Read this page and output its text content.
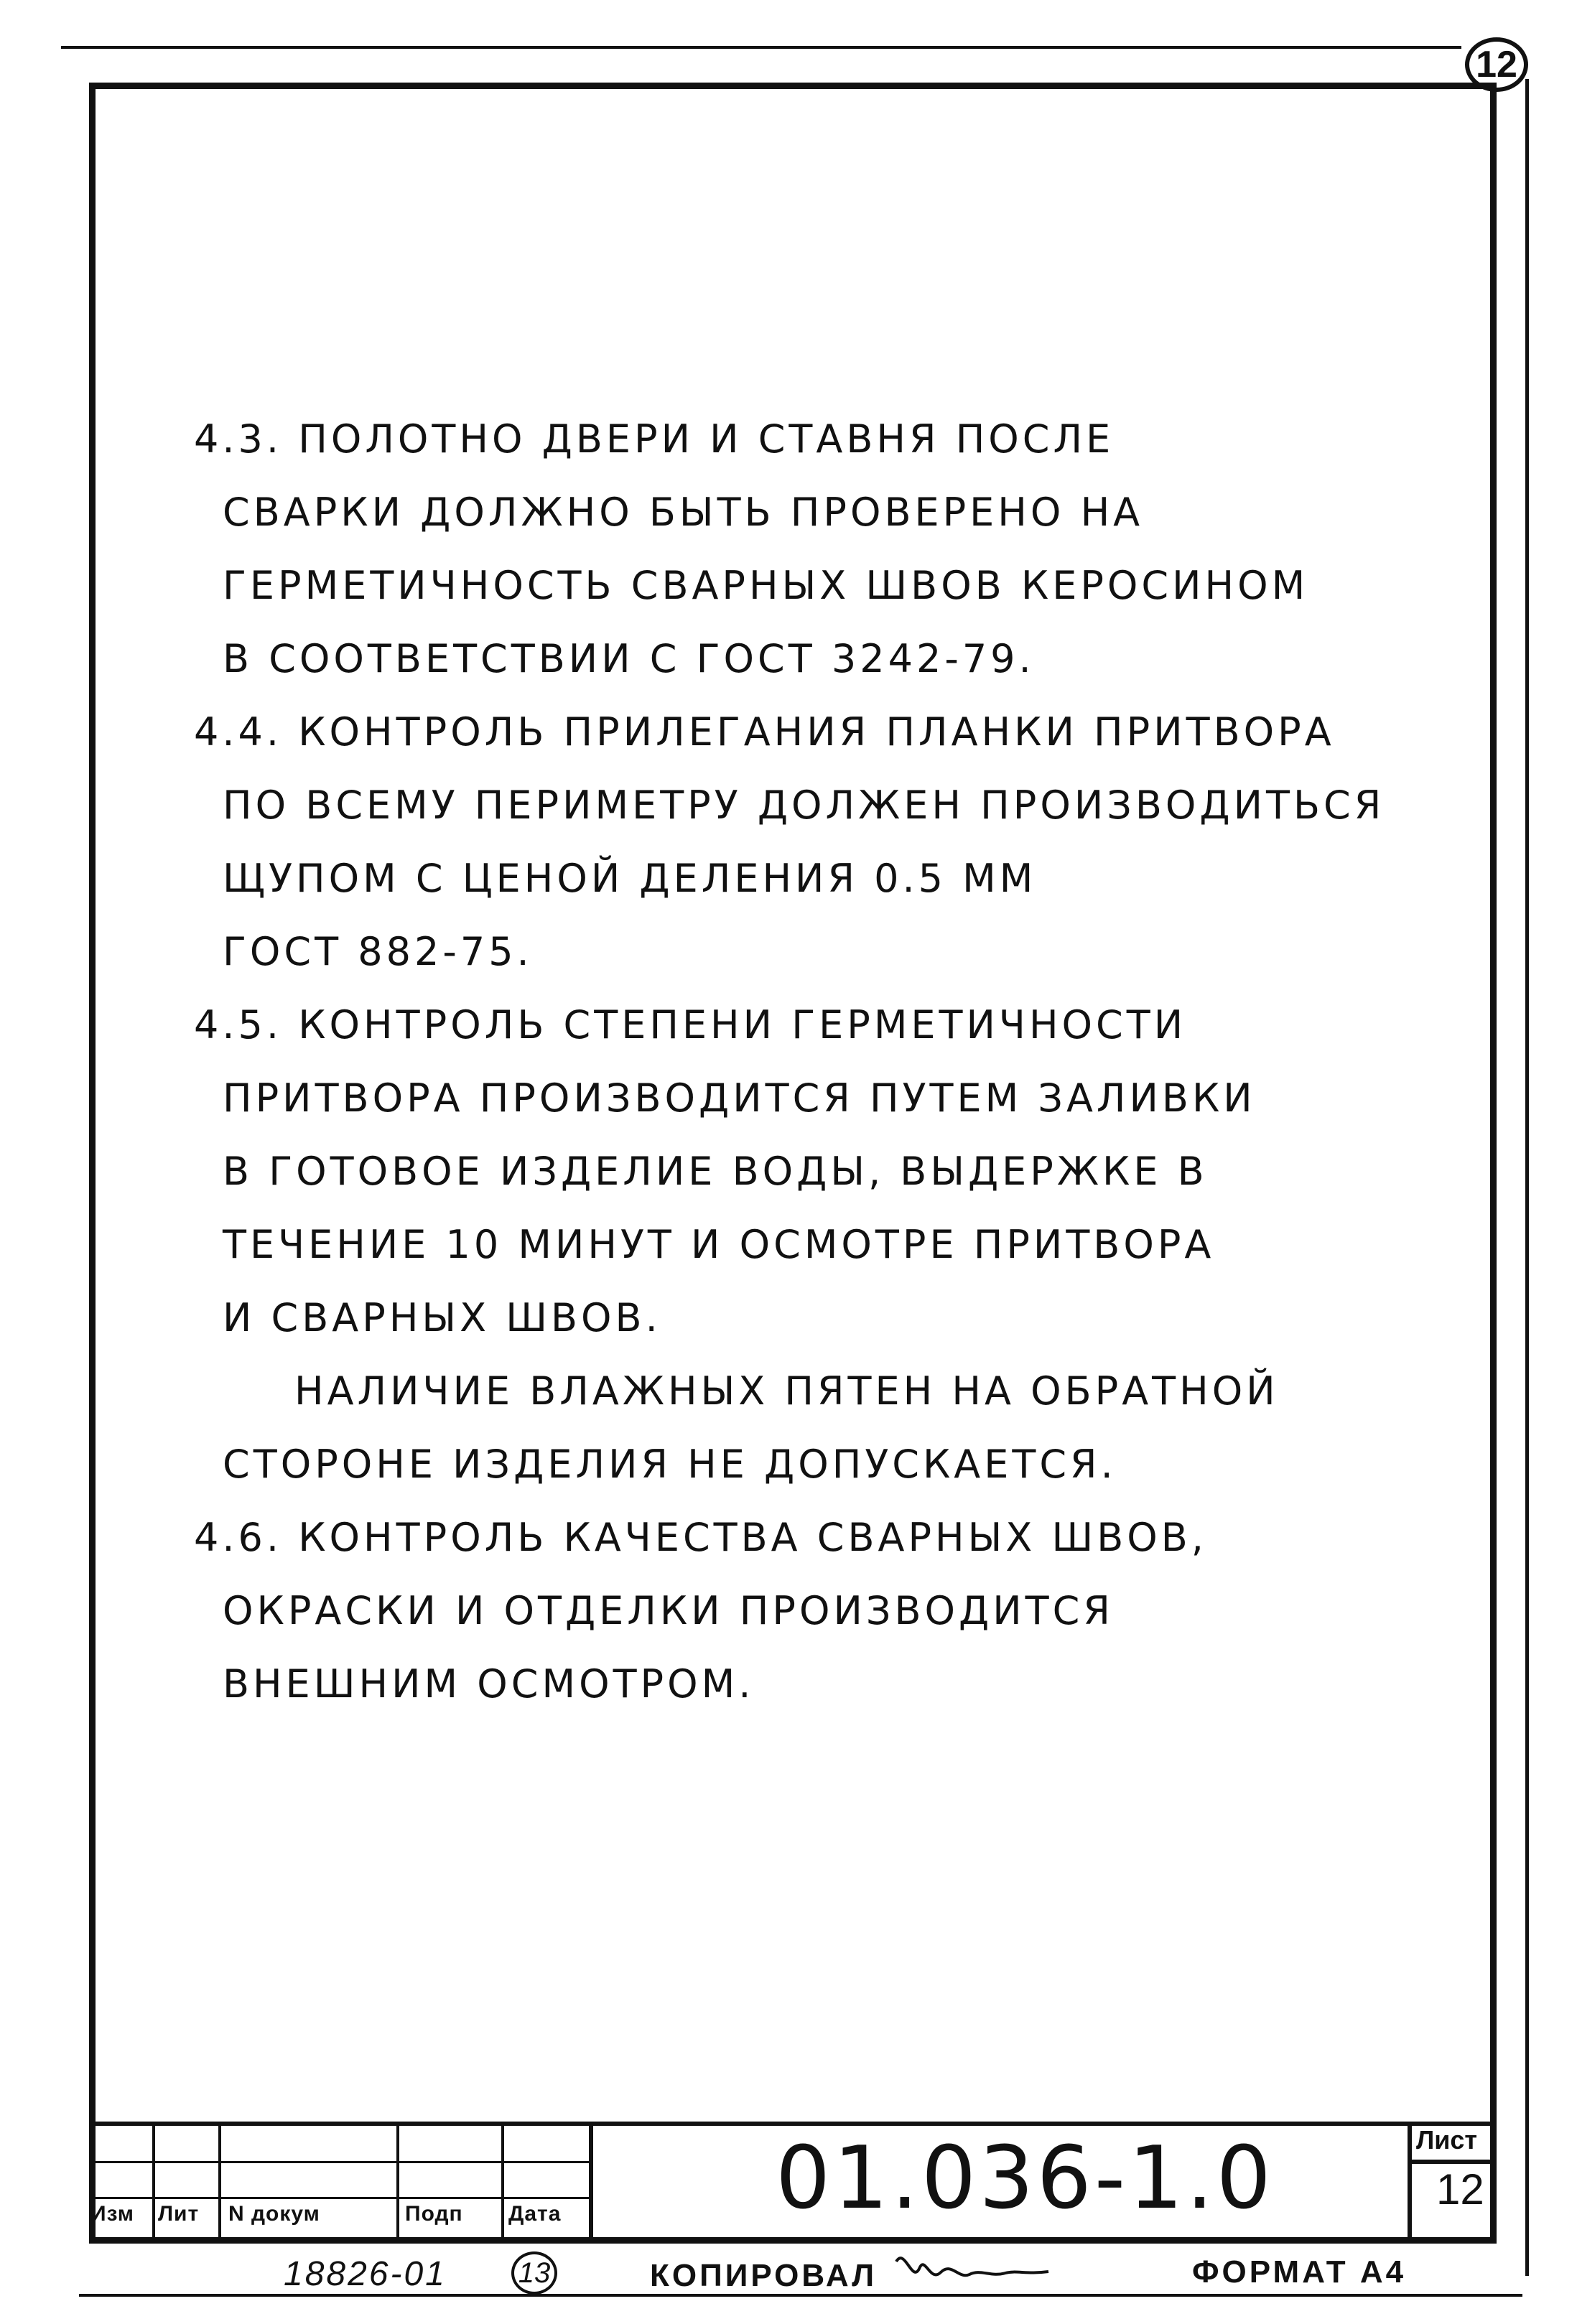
12
4.3. ПОЛОТНО ДВЕРИ И СТАВНЯ ПОСЛЕ
СВАРКИ ДОЛЖНО БЫТЬ ПРОВЕРЕНО НА
ГЕРМЕТИЧНОСТЬ СВАРНЫХ ШВОВ КЕРОСИНОМ
В СООТВЕТСТВИИ С ГОСТ 3242-79.
4.4. КОНТРОЛЬ ПРИЛЕГАНИЯ ПЛАНКИ ПРИТВОРА
ПО ВСЕМУ ПЕРИМЕТРУ ДОЛЖЕН ПРОИЗВОДИТЬСЯ
ЩУПОМ С ЦЕНОЙ ДЕЛЕНИЯ 0.5 ММ
ГОСТ 882-75.
4.5. КОНТРОЛЬ СТЕПЕНИ ГЕРМЕТИЧНОСТИ
ПРИТВОРА ПРОИЗВОДИТСЯ ПУТЕМ ЗАЛИВКИ
В ГОТОВОЕ ИЗДЕЛИЕ ВОДЫ, ВЫДЕРЖКЕ В
ТЕЧЕНИЕ 10 МИНУТ И ОСМОТРЕ ПРИТВОРА
И СВАРНЫХ ШВОВ.
НАЛИЧИЕ ВЛАЖНЫХ ПЯТЕН НА ОБРАТНОЙ
СТОРОНЕ ИЗДЕЛИЯ НЕ ДОПУСКАЕТСЯ.
4.6. КОНТРОЛЬ КАЧЕСТВА СВАРНЫХ ШВОВ,
ОКРАСКИ И ОТДЕЛКИ ПРОИЗВОДИТСЯ
ВНЕШНИМ ОСМОТРОМ.
Изм Лит N докум	Подп Дата 01.036-1.0	Лист
12
18826-01 13	КОПИРОВАЛ	ФОРМАТ А4
